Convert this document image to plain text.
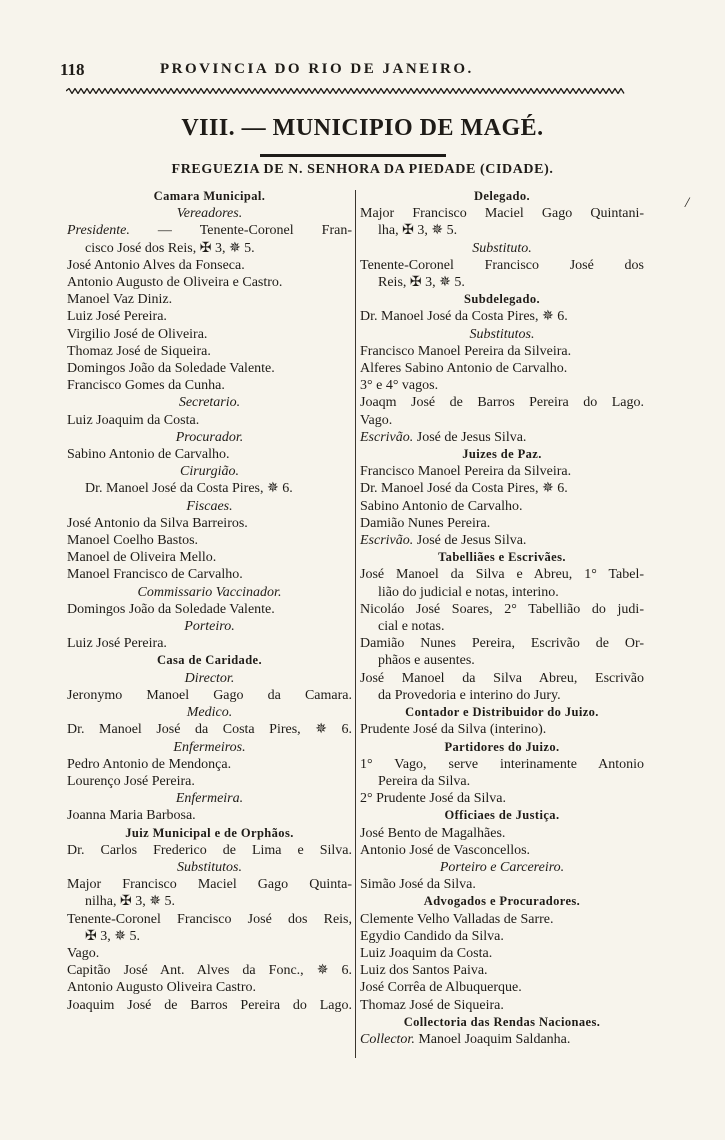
118	PROVINCIA DO RIO DE JANEIRO.
VIII. — MUNICIPIO DE MAGÉ.
FREGUEZIA DE N. SENHORA DA PIEDADE (CIDADE).
/
Camara Municipal.
Vereadores.
Presidente. — Tenente-Coronel Fran-
cisco José dos Reis, ✠ 3, ✵ 5.
José Antonio Alves da Fonseca.
Antonio Augusto de Oliveira e Castro.
Manoel Vaz Diniz.
Luiz José Pereira.
Virgilio José de Oliveira.
Thomaz José de Siqueira.
Domingos João da Soledade Valente.
Francisco Gomes da Cunha.
Secretario.
Luiz Joaquim da Costa.
Procurador.
Sabino Antonio de Carvalho.
Cirurgião.
Dr. Manoel José da Costa Pires, ✵ 6.
Fiscaes.
José Antonio da Silva Barreiros.
Manoel Coelho Bastos.
Manoel de Oliveira Mello.
Manoel Francisco de Carvalho.
Commissario Vaccinador.
Domingos João da Soledade Valente.
Porteiro.
Luiz José Pereira.
Casa de Caridade.
Director.
Jeronymo Manoel Gago da Camara.
Medico.
Dr. Manoel José da Costa Pires, ✵ 6.
Enfermeiros.
Pedro Antonio de Mendonça.
Lourenço José Pereira.
Enfermeira.
Joanna Maria Barbosa.
Juiz Municipal e de Orphãos.
Dr. Carlos Frederico de Lima e Silva.
Substitutos.
Major Francisco Maciel Gago Quinta-
nilha, ✠ 3, ✵ 5.
Tenente-Coronel Francisco José dos Reis,
✠ 3, ✵ 5.
Vago.
Capitão José Ant. Alves da Fonc., ✵ 6.
Antonio Augusto Oliveira Castro.
Joaquim José de Barros Pereira do Lago.
Delegado.
Major Francisco Maciel Gago Quintani-
lha, ✠ 3, ✵ 5.
Substituto.
Tenente-Coronel Francisco José dos
Reis, ✠ 3, ✵ 5.
Subdelegado.
Dr. Manoel José da Costa Pires, ✵ 6.
Substitutos.
Francisco Manoel Pereira da Silveira.
Alferes Sabino Antonio de Carvalho.
3° e 4° vagos.
Joaqm José de Barros Pereira do Lago.
Vago.
Escrivão. José de Jesus Silva.
Juizes de Paz.
Francisco Manoel Pereira da Silveira.
Dr. Manoel José da Costa Pires, ✵ 6.
Sabino Antonio de Carvalho.
Damião Nunes Pereira.
Escrivão. José de Jesus Silva.
Tabelliães e Escrivães.
José Manoel da Silva e Abreu, 1° Tabel-
lião do judicial e notas, interino.
Nicoláo José Soares, 2° Tabellião do judi-
cial e notas.
Damião Nunes Pereira, Escrivão de Or-
phãos e ausentes.
José Manoel da Silva Abreu, Escrivão
da Provedoria e interino do Jury.
Contador e Distribuidor do Juizo.
Prudente José da Silva (interino).
Partidores do Juizo.
1° Vago, serve interinamente Antonio
Pereira da Silva.
2° Prudente José da Silva.
Officiaes de Justiça.
José Bento de Magalhães.
Antonio José de Vasconcellos.
Porteiro e Carcereiro.
Simão José da Silva.
Advogados e Procuradores.
Clemente Velho Valladas de Sarre.
Egydio Candido da Silva.
Luiz Joaquim da Costa.
Luiz dos Santos Paiva.
José Corrêa de Albuquerque.
Thomaz José de Siqueira.
Collectoria das Rendas Nacionaes.
Collector. Manoel Joaquim Saldanha.
